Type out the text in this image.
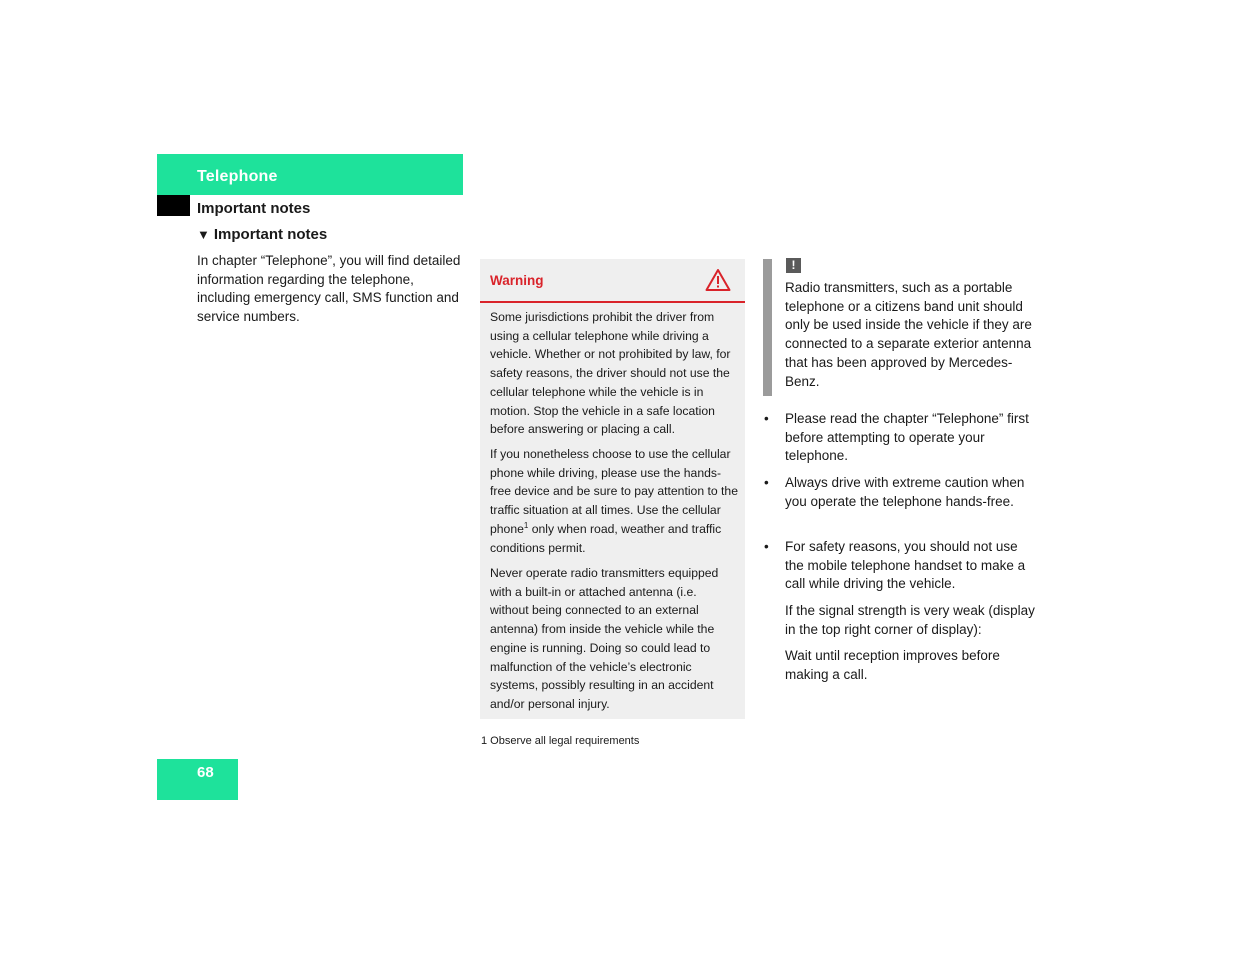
Telephone
Important notes
▼ Important notes
In chapter “Telephone”, you will find detailed information regarding the telephone, including emergency call, SMS function and service numbers.
Warning

Some jurisdictions prohibit the driver from using a cellular telephone while driving a vehicle. Whether or not prohibited by law, for safety reasons, the driver should not use the cellular telephone while the vehicle is in motion. Stop the vehicle in a safe location before answering or placing a call.

If you nonetheless choose to use the cellular phone while driving, please use the hands-free device and be sure to pay attention to the traffic situation at all times. Use the cellular phone$^1$ only when road, weather and traffic conditions permit.

Never operate radio transmitters equipped with a built-in or attached antenna (i.e. without being connected to an external antenna) from inside the vehicle while the engine is running. Doing so could lead to malfunction of the vehicle’s electronic systems, possibly resulting in an accident and/or personal injury.

1 Observe all legal requirements
!
Radio transmitters, such as a portable telephone or a citizens band unit should only be used inside the vehicle if they are connected to a separate exterior antenna that has been approved by Mercedes-Benz.
• Please read the chapter “Telephone” first before attempting to operate your telephone.
• Always drive with extreme caution when you operate the telephone hands-free.
• For safety reasons, you should not use the mobile telephone handset to make a call while driving the vehicle.
If the signal strength is very weak (display in the top right corner of display):
Wait until reception improves before making a call.
68
